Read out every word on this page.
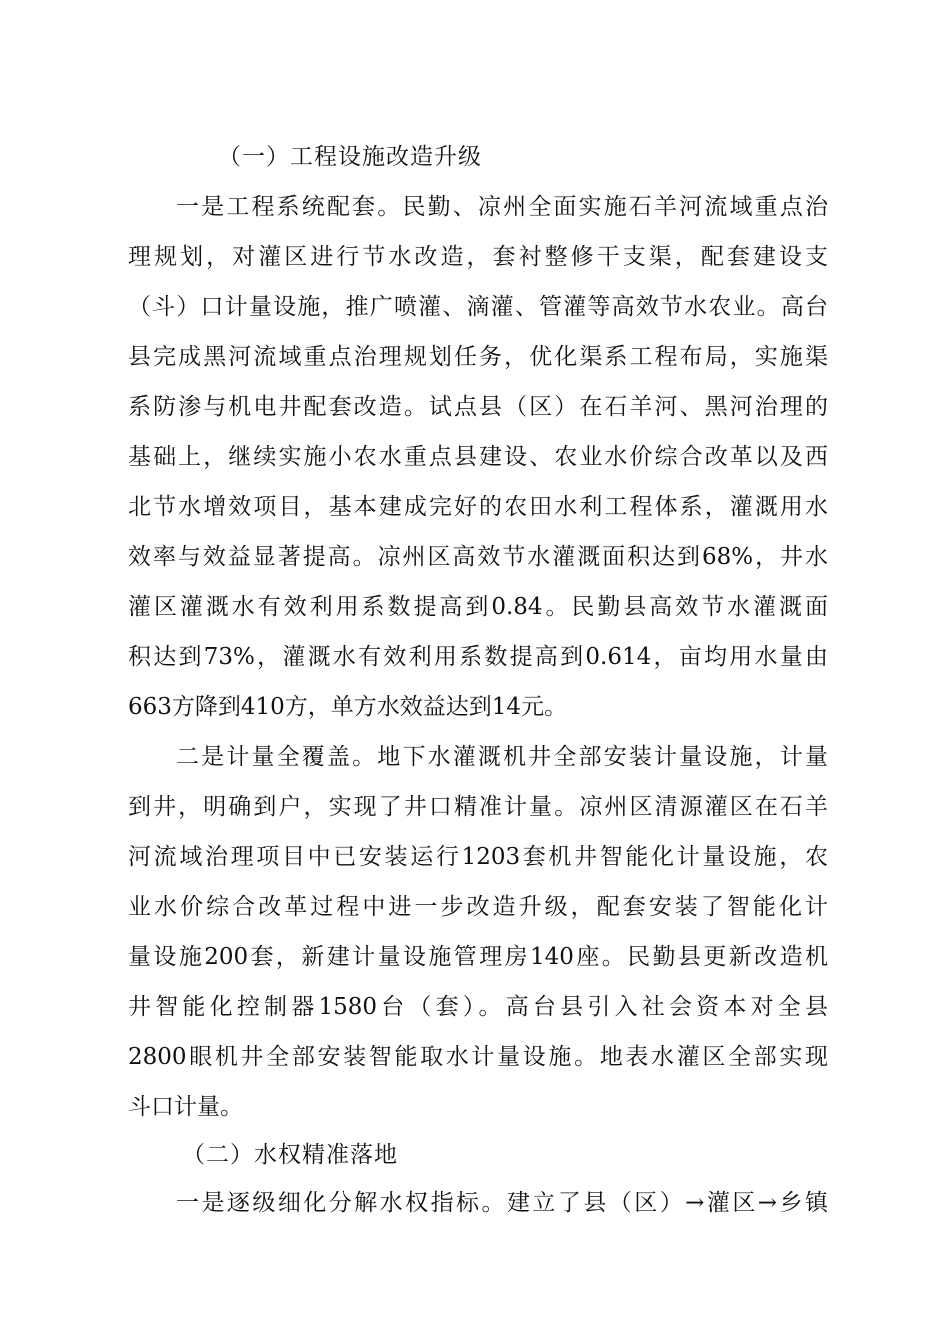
（一）工程设施改造升级
一是工程系统配套。民勤、凉州全面实施石羊河流域重点治
理规划，对灌区进行节水改造，套衬整修干支渠，配套建设支
（斗）口计量设施，推广喷灌、滴灌、管灌等高效节水农业。高台
县完成黑河流域重点治理规划任务，优化渠系工程布局，实施渠
系防渗与机电井配套改造。试点县（区）在石羊河、黑河治理的
基础上，继续实施小农水重点县建设、农业水价综合改革以及西
北节水增效项目，基本建成完好的农田水利工程体系，灌溉用水
效率与效益显著提高。凉州区高效节水灌溉面积达到68%，井水
灌区灌溉水有效利用系数提高到0.84。民勤县高效节水灌溉面
积达到73%，灌溉水有效利用系数提高到0.614，亩均用水量由
663方降到410方，单方水效益达到14元。
二是计量全覆盖。地下水灌溉机井全部安装计量设施，计量
到井，明确到户，实现了井口精准计量。凉州区清源灌区在石羊
河流域治理项目中已安装运行1203套机井智能化计量设施，农
业水价综合改革过程中进一步改造升级，配套安装了智能化计
量设施200套，新建计量设施管理房140座。民勤县更新改造机
井智能化控制器1580台（套）。高台县引入社会资本对全县
2800眼机井全部安装智能取水计量设施。地表水灌区全部实现
斗口计量。
（二）水权精准落地
一是逐级细化分解水权指标。建立了县（区）→灌区→乡镇
